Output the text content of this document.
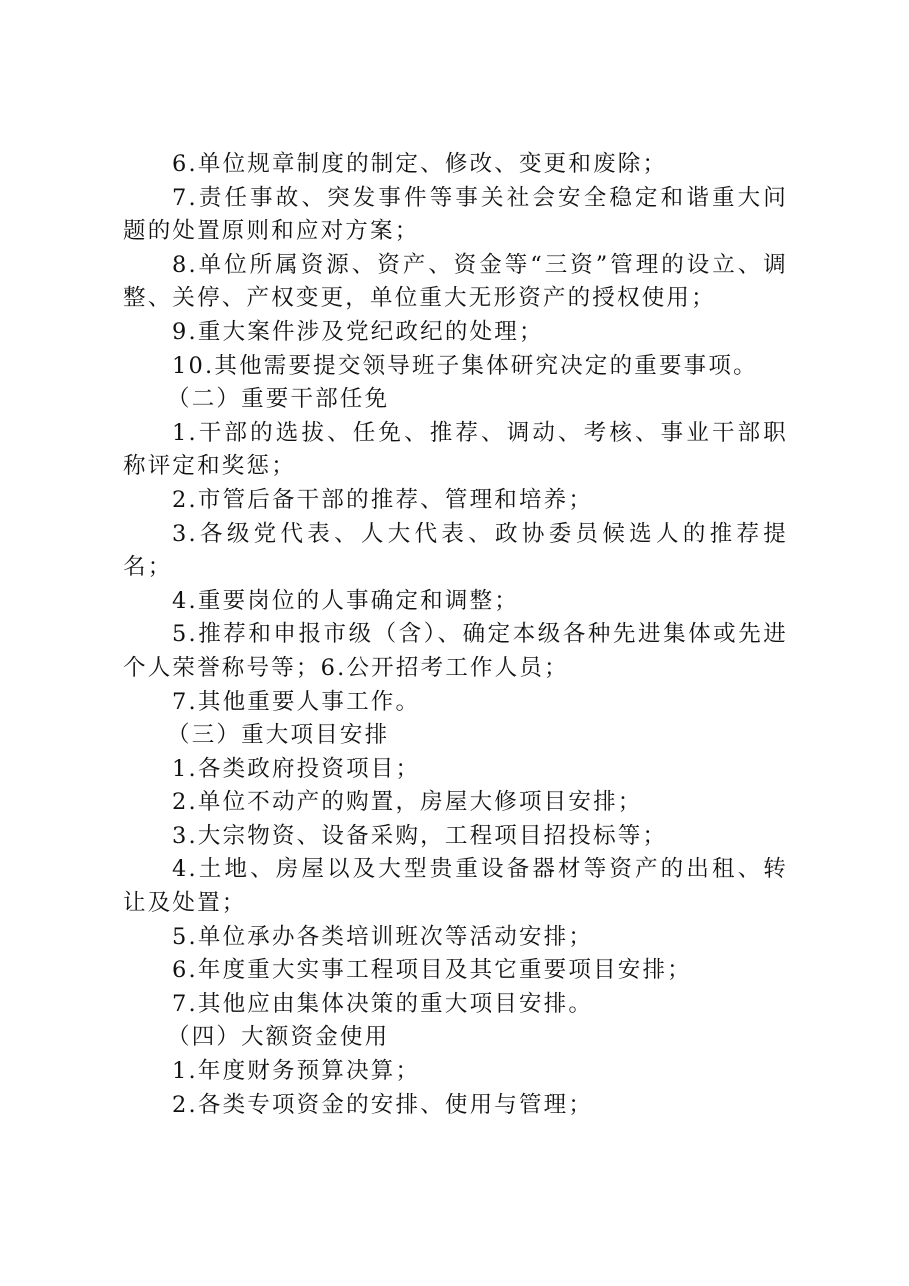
6.单位规章制度的制定、修改、变更和废除；

7.责任事故、突发事件等事关社会安全稳定和谐重大问题的处置原则和应对方案；

8.单位所属资源、资产、资金等“三资”管理的设立、调整、关停、产权变更，单位重大无形资产的授权使用；

9.重大案件涉及党纪政纪的处理；

10.其他需要提交领导班子集体研究决定的重要事项。

（二）重要干部任免

1.干部的选拔、任免、推荐、调动、考核、事业干部职称评定和奖惩；

2.市管后备干部的推荐、管理和培养；

3.各级党代表、人大代表、政协委员候选人的推荐提名；

4.重要岗位的人事确定和调整；

5.推荐和申报市级（含）、确定本级各种先进集体或先进个人荣誉称号等；6.公开招考工作人员；

7.其他重要人事工作。

（三）重大项目安排

1.各类政府投资项目；

2.单位不动产的购置，房屋大修项目安排；

3.大宗物资、设备采购，工程项目招投标等；

4.土地、房屋以及大型贵重设备器材等资产的出租、转让及处置；

5.单位承办各类培训班次等活动安排；

6.年度重大实事工程项目及其它重要项目安排；

7.其他应由集体决策的重大项目安排。

（四）大额资金使用

1.年度财务预算决算；

2.各类专项资金的安排、使用与管理；
